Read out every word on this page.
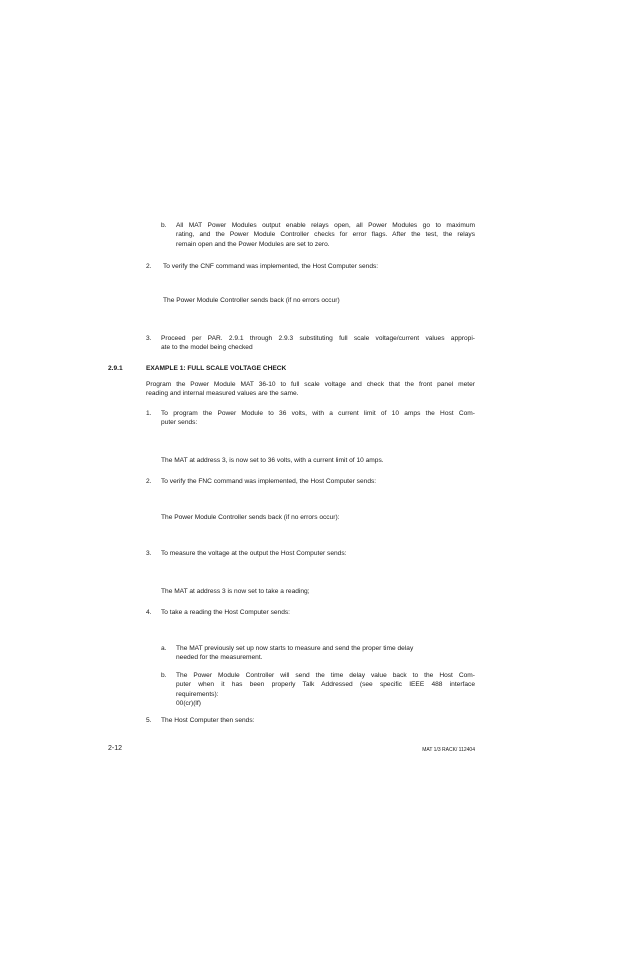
b. All MAT Power Modules output enable relays open, all Power Modules go to maximum
rating, and the Power Module Controller checks for error flags. After the test, the relays
remain open and the Power Modules are set to zero.
2. To verify the CNF command was implemented, the Host Computer sends:
The Power Module Controller sends back (if no errors occur)
3. Proceed per PAR. 2.9.1 through 2.9.3 substituting full scale voltage/current values appropi-
ate to the model being checked
2.9.1	EXAMPLE 1: FULL SCALE VOLTAGE CHECK
Program the Power Module MAT 36-10 to full scale voltage and check that the front panel meter
reading and internal measured values are the same.
1. To program the Power Module to 36 volts, with a current limit of 10 amps the Host Com-
puter sends:
The MAT at address 3, is now set to 36 volts, with a current limit of 10 amps.
2. To verify the FNC command was implemented, the Host Computer sends:
The Power Module Controller sends back (if no errors occur):
3. To measure the voltage at the output the Host Computer sends:
The MAT at address 3 is now set to take a reading;
4. To take a reading the Host Computer sends:
a. The MAT previously set up now starts to measure and send the proper time delay
needed for the measurement.
b. The Power Module Controller will send the time delay value back to the Host Com-
puter when it has been properly Talk Addressed (see specific IEEE 488 interface
requirements):
00(cr)(lf)
5. The Host Computer then sends:
2-12	MAT 1/3 RACK/ 112404
